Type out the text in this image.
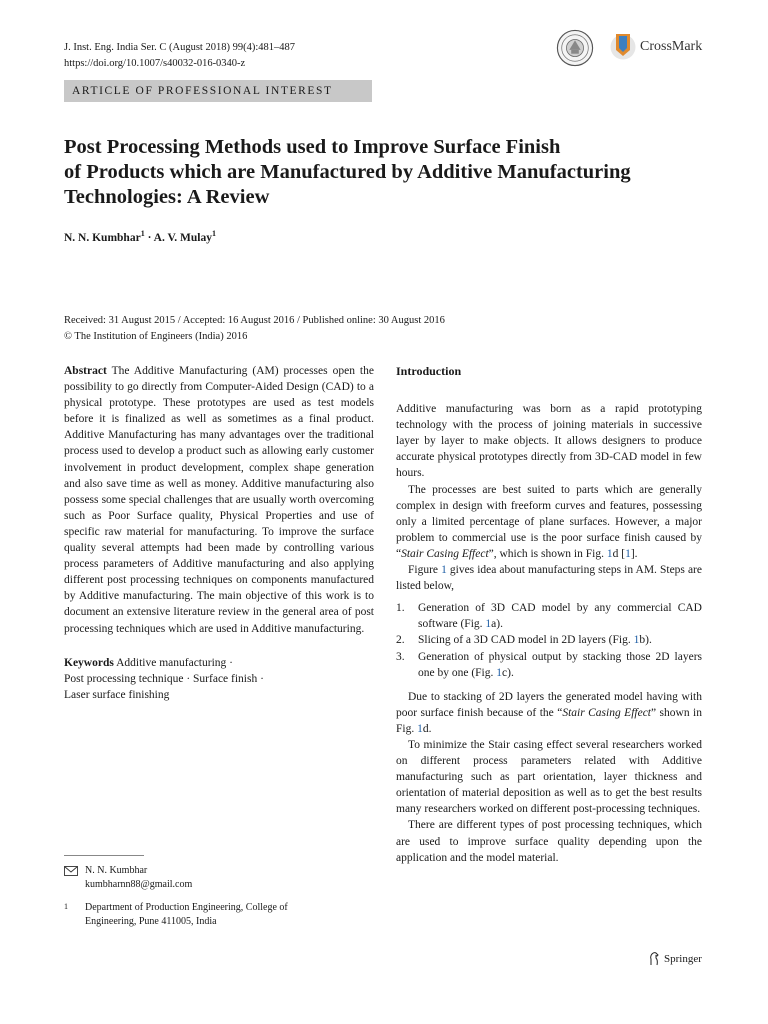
J. Inst. Eng. India Ser. C (August 2018) 99(4):481–487
https://doi.org/10.1007/s40032-016-0340-z
CrossMark
ARTICLE OF PROFESSIONAL INTEREST
Post Processing Methods used to Improve Surface Finish
of Products which are Manufactured by Additive Manufacturing
Technologies: A Review
N. N. Kumbhar$^1$ · A. V. Mulay$^1$
Received: 31 August 2015 / Accepted: 16 August 2016 / Published online: 30 August 2016
© The Institution of Engineers (India) 2016

Abstract The Additive Manufacturing (AM) processes open the possibility to go directly from Computer-Aided Design (CAD) to a physical prototype. These prototypes are used as test models before it is finalized as well as sometimes as a final product. Additive Manufacturing has many advantages over the traditional process used to develop a product such as allowing early customer involvement in product development, complex shape generation and also save time as well as money. Additive manufacturing also possess some special challenges that are usually worth overcoming such as Poor Surface quality, Physical Properties and use of specific raw material for manufacturing. To improve the surface quality several attempts had been made by controlling various process parameters of Additive manufacturing and also applying different post processing techniques on components manufactured by Additive manufacturing. The main objective of this work is to document an extensive literature review in the general area of post processing techniques which are used in Additive manufacturing.

Keywords Additive manufacturing ·
Post processing technique · Surface finish ·
Laser surface finishing
N. N. Kumbhar
kumbharnn88@gmail.com
1	Department of Production Engineering, College of Engineering, Pune 411005, India
Introduction

Additive manufacturing was born as a rapid prototyping technology with the process of joining materials in successive layer by layer to make objects. It allows designers to produce accurate physical prototypes directly from 3D-CAD model in few hours.

The processes are best suited to parts which are generally complex in design with freeform curves and features, possessing only a limited percentage of plane surfaces. However, a major problem to commercial use is the poor surface finish caused by “Stair Casing Effect”, which is shown in Fig. 1d [1].

Figure 1 gives idea about manufacturing steps in AM. Steps are listed below,

1.	Generation of 3D CAD model by any commercial CAD software (Fig. 1a).
2.	Slicing of a 3D CAD model in 2D layers (Fig. 1b).
3.	Generation of physical output by stacking those 2D layers one by one (Fig. 1c).

Due to stacking of 2D layers the generated model having with poor surface finish because of the “Stair Casing Effect” shown in Fig. 1d.

To minimize the Stair casing effect several researchers worked on different process parameters related with Additive manufacturing such as part orientation, layer thickness and orientation of material deposition as well as to get the best results many researchers worked on different post-processing techniques.

There are different types of post processing techniques, which are used to improve surface quality depending upon the application and the model material.

Springer
